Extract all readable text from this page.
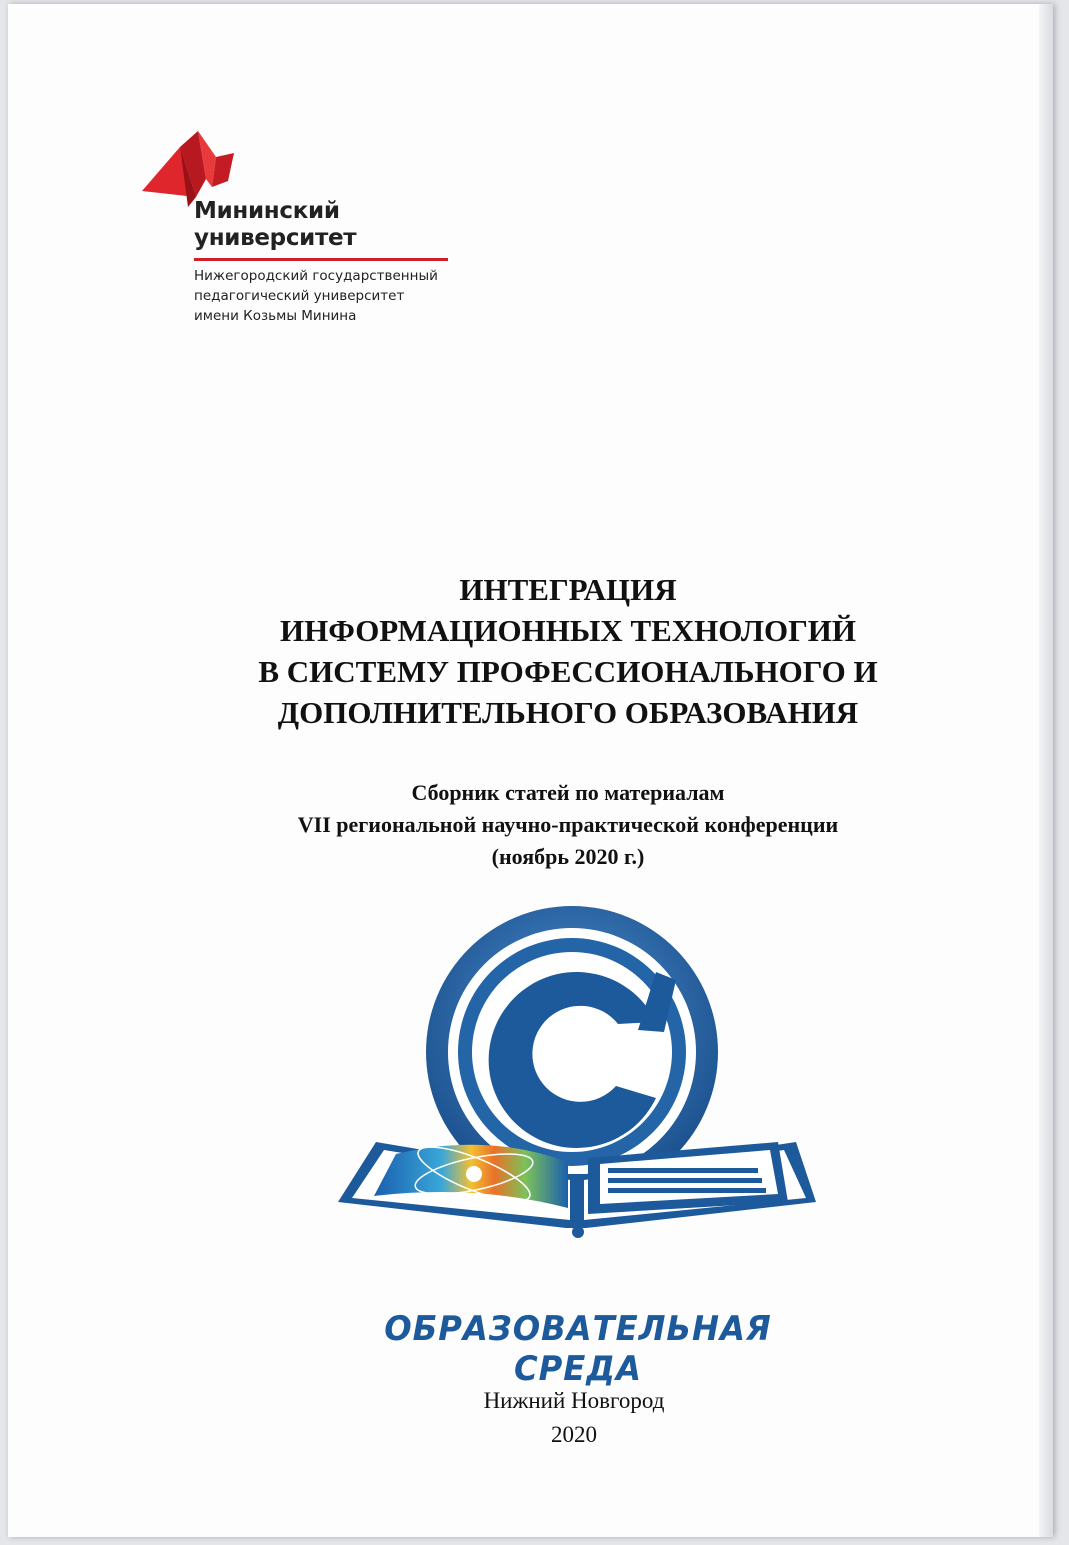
Мининский
университет
Нижегородский государственный
педагогический университет
имени Козьмы Минина
ИНТЕГРАЦИЯ
ИНФОРМАЦИОННЫХ ТЕХНОЛОГИЙ
В СИСТЕМУ ПРОФЕССИОНАЛЬНОГО И
ДОПОЛНИТЕЛЬНОГО ОБРАЗОВАНИЯ
Сборник статей по материалам
VII региональной научно-практической конференции
(ноябрь 2020 г.)
ОБРАЗОВАТЕЛЬНАЯ СРЕДА
Нижний Новгород
2020
